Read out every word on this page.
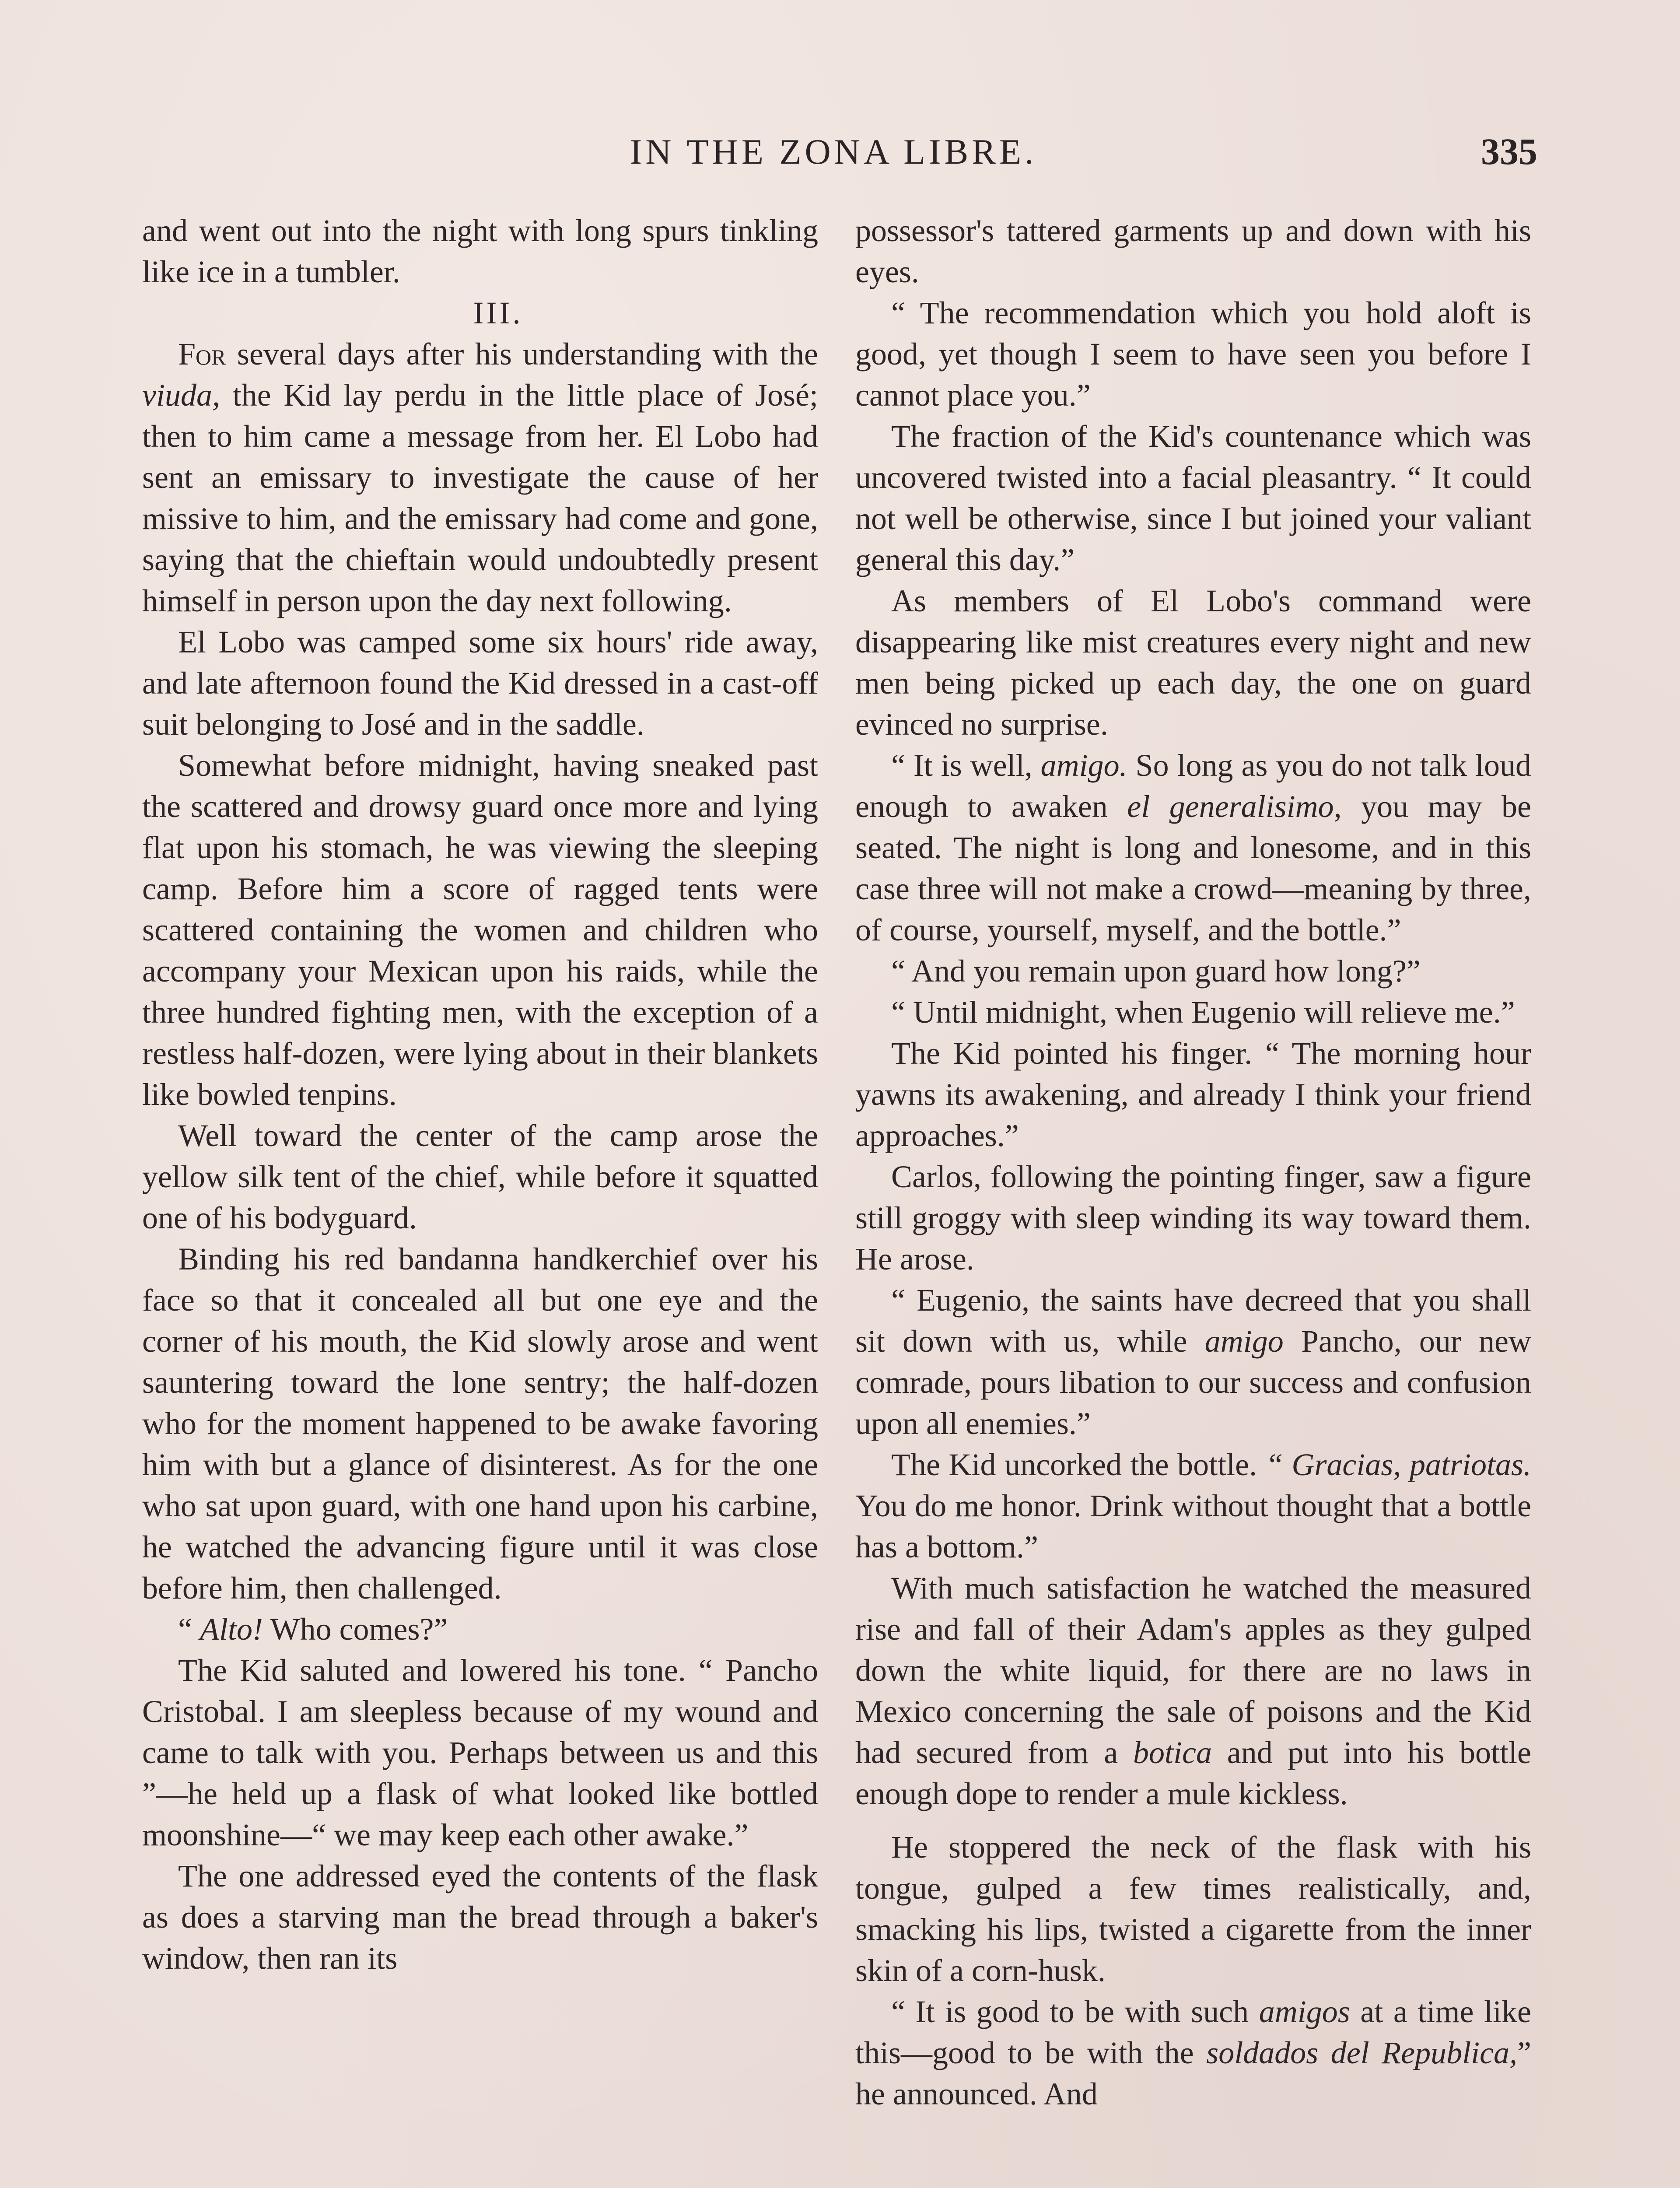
IN THE ZONA LIBRE.	335

and went out into the night with long spurs tinkling like ice in a tumbler.

III.

For several days after his understanding with the viuda, the Kid lay perdu in the little place of José; then to him came a message from her. El Lobo had sent an emissary to investigate the cause of her missive to him, and the emissary had come and gone, saying that the chieftain would undoubtedly present himself in person upon the day next following.

El Lobo was camped some six hours' ride away, and late afternoon found the Kid dressed in a cast-off suit belonging to José and in the saddle.

Somewhat before midnight, having sneaked past the scattered and drowsy guard once more and lying flat upon his stomach, he was viewing the sleeping camp. Before him a score of ragged tents were scattered containing the women and children who accompany your Mexican upon his raids, while the three hundred fighting men, with the exception of a restless half-dozen, were lying about in their blankets like bowled tenpins.

Well toward the center of the camp arose the yellow silk tent of the chief, while before it squatted one of his bodyguard.

Binding his red bandanna handkerchief over his face so that it concealed all but one eye and the corner of his mouth, the Kid slowly arose and went sauntering toward the lone sentry; the half-dozen who for the moment happened to be awake favoring him with but a glance of disinterest. As for the one who sat upon guard, with one hand upon his carbine, he watched the advancing figure until it was close before him, then challenged.

“ Alto! Who comes?”

The Kid saluted and lowered his tone. “ Pancho Cristobal. I am sleepless because of my wound and came to talk with you. Perhaps between us and this ”—he held up a flask of what looked like bottled moonshine—“ we may keep each other awake.”

The one addressed eyed the contents of the flask as does a starving man the bread through a baker's window, then ran its

possessor's tattered garments up and down with his eyes.

“ The recommendation which you hold aloft is good, yet though I seem to have seen you before I cannot place you.”

The fraction of the Kid's countenance which was uncovered twisted into a facial pleasantry. “ It could not well be otherwise, since I but joined your valiant general this day.”

As members of El Lobo's command were disappearing like mist creatures every night and new men being picked up each day, the one on guard evinced no surprise.

“ It is well, amigo. So long as you do not talk loud enough to awaken el generalisimo, you may be seated. The night is long and lonesome, and in this case three will not make a crowd—meaning by three, of course, yourself, myself, and the bottle.”

“ And you remain upon guard how long?”

“ Until midnight, when Eugenio will relieve me.”

The Kid pointed his finger. “ The morning hour yawns its awakening, and already I think your friend approaches.”

Carlos, following the pointing finger, saw a figure still groggy with sleep winding its way toward them. He arose.

“ Eugenio, the saints have decreed that you shall sit down with us, while amigo Pancho, our new comrade, pours libation to our success and confusion upon all enemies.”

The Kid uncorked the bottle. “ Gracias, patriotas. You do me honor. Drink without thought that a bottle has a bottom.”

With much satisfaction he watched the measured rise and fall of their Adam's apples as they gulped down the white liquid, for there are no laws in Mexico concerning the sale of poisons and the Kid had secured from a botica and put into his bottle enough dope to render a mule kickless.

He stoppered the neck of the flask with his tongue, gulped a few times realistically, and, smacking his lips, twisted a cigarette from the inner skin of a corn-husk.

“ It is good to be with such amigos at a time like this—good to be with the soldados del Republica,” he announced. And
